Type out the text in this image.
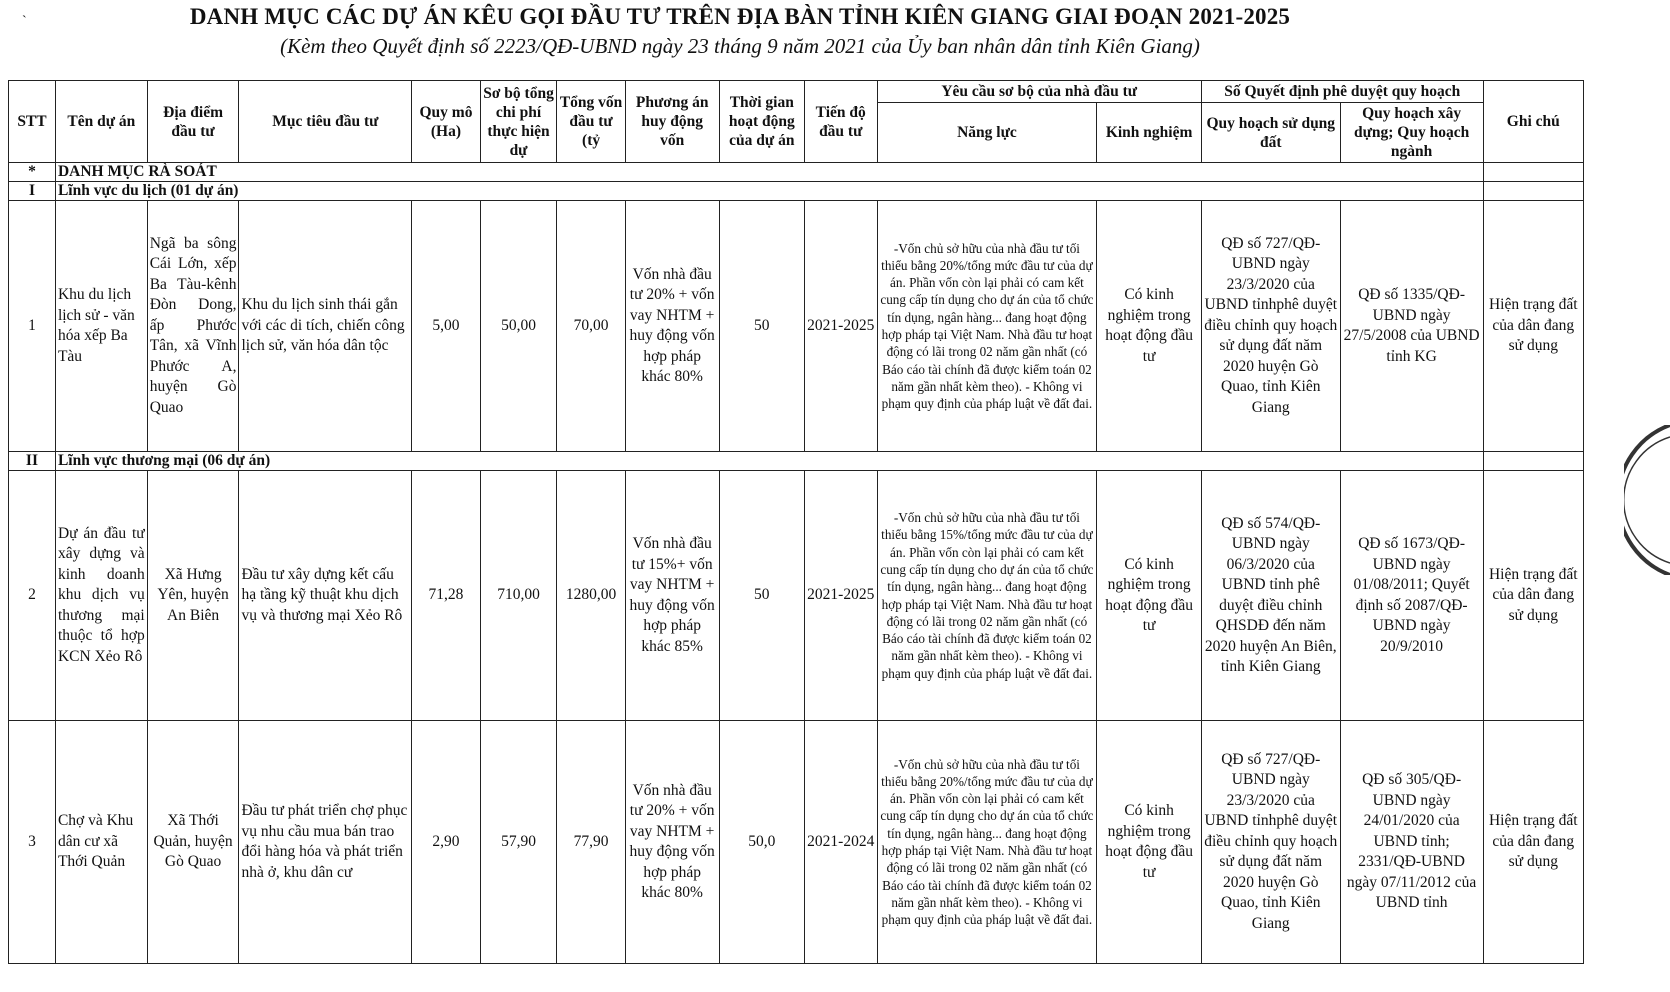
`	DANH MỤC CÁC DỰ ÁN KÊU GỌI ĐẦU TƯ TRÊN ĐỊA BÀN TỈNH KIÊN GIANG GIAI ĐOẠN 2021-2025
(Kèm theo Quyết định số 2223/QĐ-UBND ngày 23 tháng 9 năm 2021 của Ủy ban nhân dân tỉnh Kiên Giang)
STT	Tên dự án	Địa điểm đầu tư	Mục tiêu đầu tư	Quy mô (Ha)	Sơ bộ tổng chi phí thực hiện dự	Tổng vốn đầu tư (tỷ	Phương án huy động vốn	Thời gian hoạt động của dự án	Tiến độ đầu tư	Yêu cầu sơ bộ của nhà đầu tư		Số Quyết định phê duyệt quy hoạch		Ghi chú
										Năng lực	Kinh nghiệm	Quy hoạch sử dụng đất	Quy hoạch xây dựng; Quy hoạch ngành	
*	DANH MỤC RÀ SOÁT													
I	Lĩnh vực du lịch (01 dự án)													
1	Khu du lịch lịch sử - văn hóa xếp Ba Tàu	Ngã ba sông Cái Lớn, xếp Ba Tàu-kênh Đòn Dong, ấp Phước Tân, xã Vĩnh Phước A, huyện Gò Quao	Khu du lịch sinh thái gắn với các di tích, chiến công lịch sử, văn hóa dân tộc	5,00	50,00	70,00	Vốn nhà đầu tư 20% + vốn vay NHTM + huy động vốn hợp pháp khác 80%	50	2021-2025	-Vốn chủ sở hữu của nhà đầu tư tối thiểu bằng 20%/tổng mức đầu tư của dự án. Phần vốn còn lại phải có cam kết cung cấp tín dụng cho dự án của tổ chức tín dụng, ngân hàng... đang hoạt động hợp pháp tại Việt Nam. Nhà đầu tư hoạt động có lãi trong 02 năm gần nhất (có Báo cáo tài chính đã được kiểm toán 02 năm gần nhất kèm theo). - Không vi phạm quy định của pháp luật về đất đai.	Có kinh nghiệm trong hoạt động đầu tư	QĐ số 727/QĐ-UBND ngày 23/3/2020 của UBND tỉnhphê duyệt điều chỉnh quy hoạch sử dụng đất năm 2020 huyện Gò Quao, tỉnh Kiên Giang	QĐ số 1335/QĐ-UBND ngày 27/5/2008 của UBND tỉnh KG	Hiện trạng đất của dân đang sử dụng
II	Lĩnh vực thương mại (06 dự án)													
2	Dự án đầu tư xây dựng và kinh doanh khu dịch vụ thương mại thuộc tổ hợp KCN Xẻo Rô	Xã Hưng Yên, huyện An Biên	Đầu tư xây dựng kết cấu hạ tầng kỹ thuật khu dịch vụ và thương mại Xẻo Rô	71,28	710,00	1280,00	Vốn nhà đầu tư 15%+ vốn vay NHTM + huy động vốn hợp pháp khác 85%	50	2021-2025	-Vốn chủ sở hữu của nhà đầu tư tối thiểu bằng 15%/tổng mức đầu tư của dự án. Phần vốn còn lại phải có cam kết cung cấp tín dụng cho dự án của tổ chức tín dụng, ngân hàng... đang hoạt động hợp pháp tại Việt Nam. Nhà đầu tư hoạt động có lãi trong 02 năm gần nhất (có Báo cáo tài chính đã được kiểm toán 02 năm gần nhất kèm theo). - Không vi phạm quy định của pháp luật về đất đai.	Có kinh nghiệm trong hoạt động đầu tư	QĐ số 574/QĐ-UBND ngày 06/3/2020 của UBND tỉnh phê duyệt điều chỉnh QHSDĐ đến năm 2020 huyện An Biên, tỉnh Kiên Giang	QĐ số 1673/QĐ-UBND ngày 01/08/2011; Quyết định số 2087/QĐ-UBND ngày 20/9/2010	Hiện trạng đất của dân đang sử dụng
3	Chợ và Khu dân cư xã Thới Quản	Xã Thới Quản, huyện Gò Quao	Đầu tư phát triển chợ phục vụ nhu cầu mua bán trao đổi hàng hóa và phát triển nhà ở, khu dân cư	2,90	57,90	77,90	Vốn nhà đầu tư 20% + vốn vay NHTM + huy động vốn hợp pháp khác 80%	50,0	2021-2024	-Vốn chủ sở hữu của nhà đầu tư tối thiểu bằng 20%/tổng mức đầu tư của dự án. Phần vốn còn lại phải có cam kết cung cấp tín dụng cho dự án của tổ chức tín dụng, ngân hàng... đang hoạt động hợp pháp tại Việt Nam. Nhà đầu tư hoạt động có lãi trong 02 năm gần nhất (có Báo cáo tài chính đã được kiểm toán 02 năm gần nhất kèm theo). - Không vi phạm quy định của pháp luật về đất đai.	Có kinh nghiệm trong hoạt động đầu tư	QĐ số 727/QĐ-UBND ngày 23/3/2020 của UBND tỉnhphê duyệt điều chỉnh quy hoạch sử dụng đất năm 2020 huyện Gò Quao, tỉnh Kiên Giang	QĐ số 305/QĐ-UBND ngày 24/01/2020 của UBND tỉnh; 2331/QĐ-UBND ngày 07/11/2012 của UBND tỉnh	Hiện trạng đất của dân đang sử dụng
